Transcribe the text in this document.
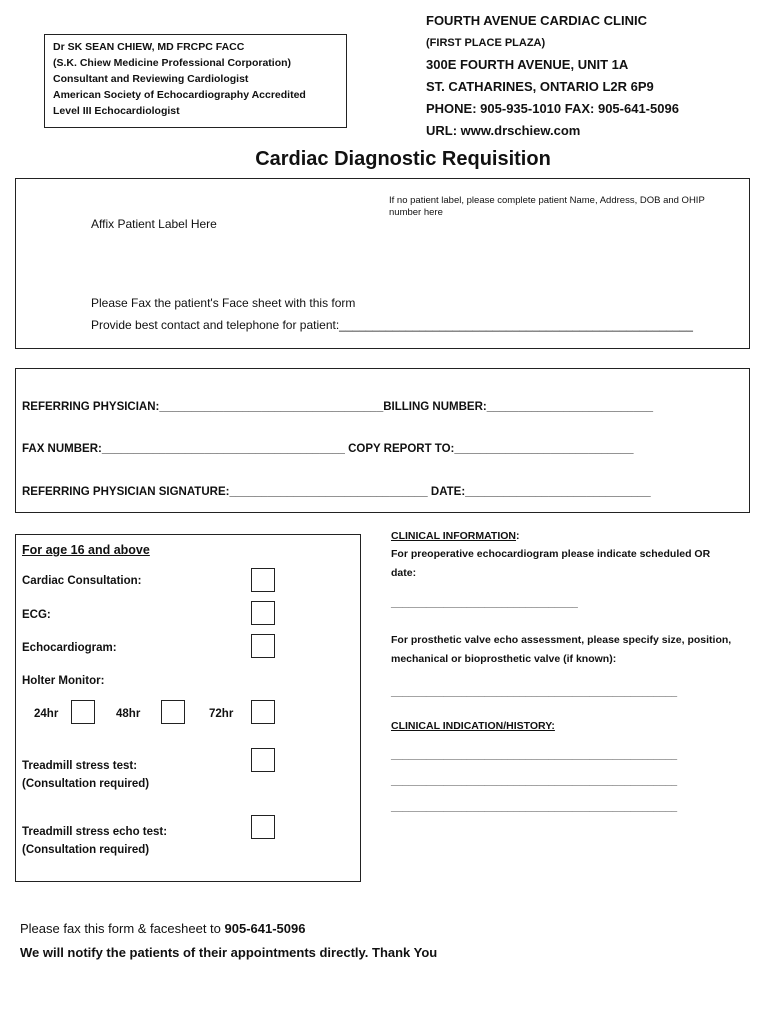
Dr SK SEAN CHIEW, MD FRCPC FACC
(S.K. Chiew Medicine Professional Corporation)
Consultant and Reviewing Cardiologist
American Society of Echocardiography Accredited
Level III Echocardiologist
FOURTH AVENUE CARDIAC CLINIC
(FIRST PLACE PLAZA)
300E FOURTH AVENUE, UNIT 1A
ST. CATHARINES, ONTARIO L2R 6P9
PHONE: 905-935-1010 FAX: 905-641-5096
URL: www.drschiew.com
Cardiac Diagnostic Requisition
Affix Patient Label Here
If no patient label, please complete patient Name, Address, DOB and OHIP number here
Please Fax the patient's Face sheet with this form
Provide best contact and telephone for patient:_____________________________________________________
REFERRING PHYSICIAN:___________________________________BILLING NUMBER:__________________________
FAX NUMBER:______________________________________ COPY REPORT TO:____________________________
REFERRING PHYSICIAN SIGNATURE:_______________________________ DATE:_____________________________
For age 16 and above
Cardiac Consultation:
ECG:
Echocardiogram:
Holter Monitor:
24hr	48hr	72hr
Treadmill stress test:
(Consultation required)
Treadmill stress echo test:
(Consultation required)
CLINICAL INFORMATION:
For preoperative echocardiogram please indicate scheduled OR
date:
________________________________
For prosthetic valve echo assessment, please specify size, position,
mechanical or bioprosthetic valve (if known):
_________________________________________________
CLINICAL INDICATION/HISTORY:
_________________________________________________
_________________________________________________
_________________________________________________
Please fax this form & facesheet to 905-641-5096
We will notify the patients of their appointments directly. Thank You
